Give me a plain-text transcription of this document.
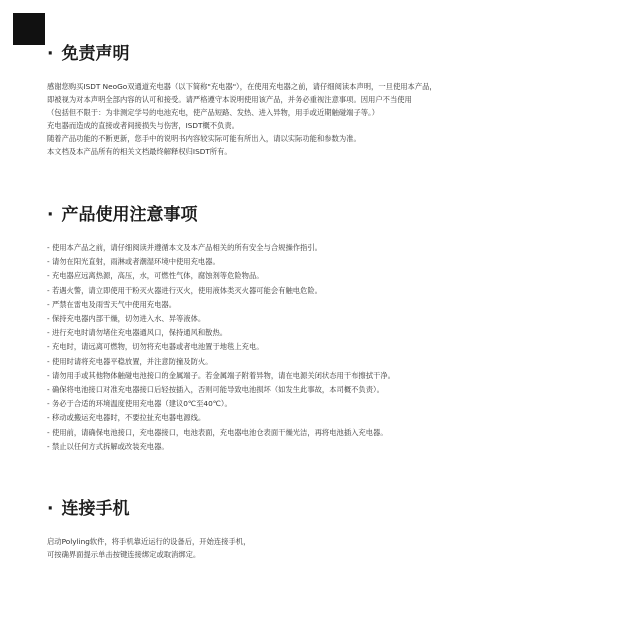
· 免责声明
感谢您购买ISDT NeoGo双通道充电器（以下简称"充电器"），在使用充电器之前，请仔细阅读本声明，一旦使用本产品，
即被视为对本声明全部内容的认可和接受。请严格遵守本说明使用该产品，并务必重视注意事项。因用户不当使用
（包括但不限于：为非测定学号的电池充电，使产品短路、发热、进入异物，用手或近期触碰端子等。）
充电器而造成的直接或者间接损失与伤害，ISDT概不负责。
随着产品功能的不断更新，您手中的说明书内容较实际可能有所出入，请以实际功能和参数为准。
本文档及本产品所有的相关文档最终解释权归ISDT所有。
· 产品使用注意事项
- 使用本产品之前，请仔细阅读并遵循本文及本产品相关的所有安全与合规操作指引。
- 请勿在阳光直射，雨淋或者潮湿环境中使用充电器。
- 充电器应远离热源，高压，水，可燃性气体，腐蚀剂等危险物品。
- 若遇火警，请立即使用干粉灭火器进行灭火，使用液体类灭火器可能会有触电危险。
- 严禁在雷电及雨雪天气中使用充电器。
- 保持充电器内部干燥，切勿进入水、异等液体。
- 进行充电时请勿堵住充电器通风口，保持通风和散热。
- 充电时，请远离可燃物，切勿将充电器或者电池置于地毯上充电。
- 使用时请将充电器平稳放置，并注意防撞及防火。
- 请勿用手或其他物体触碰电池接口的金属端子。若金属端子附着异物，请在电源关闭状态用干布擦拭干净。
- 确保将电池接口对准充电器接口后轻按插入，否则可能导致电池损坏（如发生此事故，本司概不负责）。
- 务必于合适的环境温度使用充电器（建议0℃至40℃）。
- 移动或搬运充电器时，不要拉扯充电器电源线。
- 使用前，请确保电池接口，充电器接口，电池表面，充电器电池仓表面干燥光洁，再将电池插入充电器。
- 禁止以任何方式拆解或改装充电器。
· 连接手机
启动Polyling软件，将手机靠近运行的设备后，开始连接手机，
可按确界面提示单击按键连接绑定或取消绑定。
